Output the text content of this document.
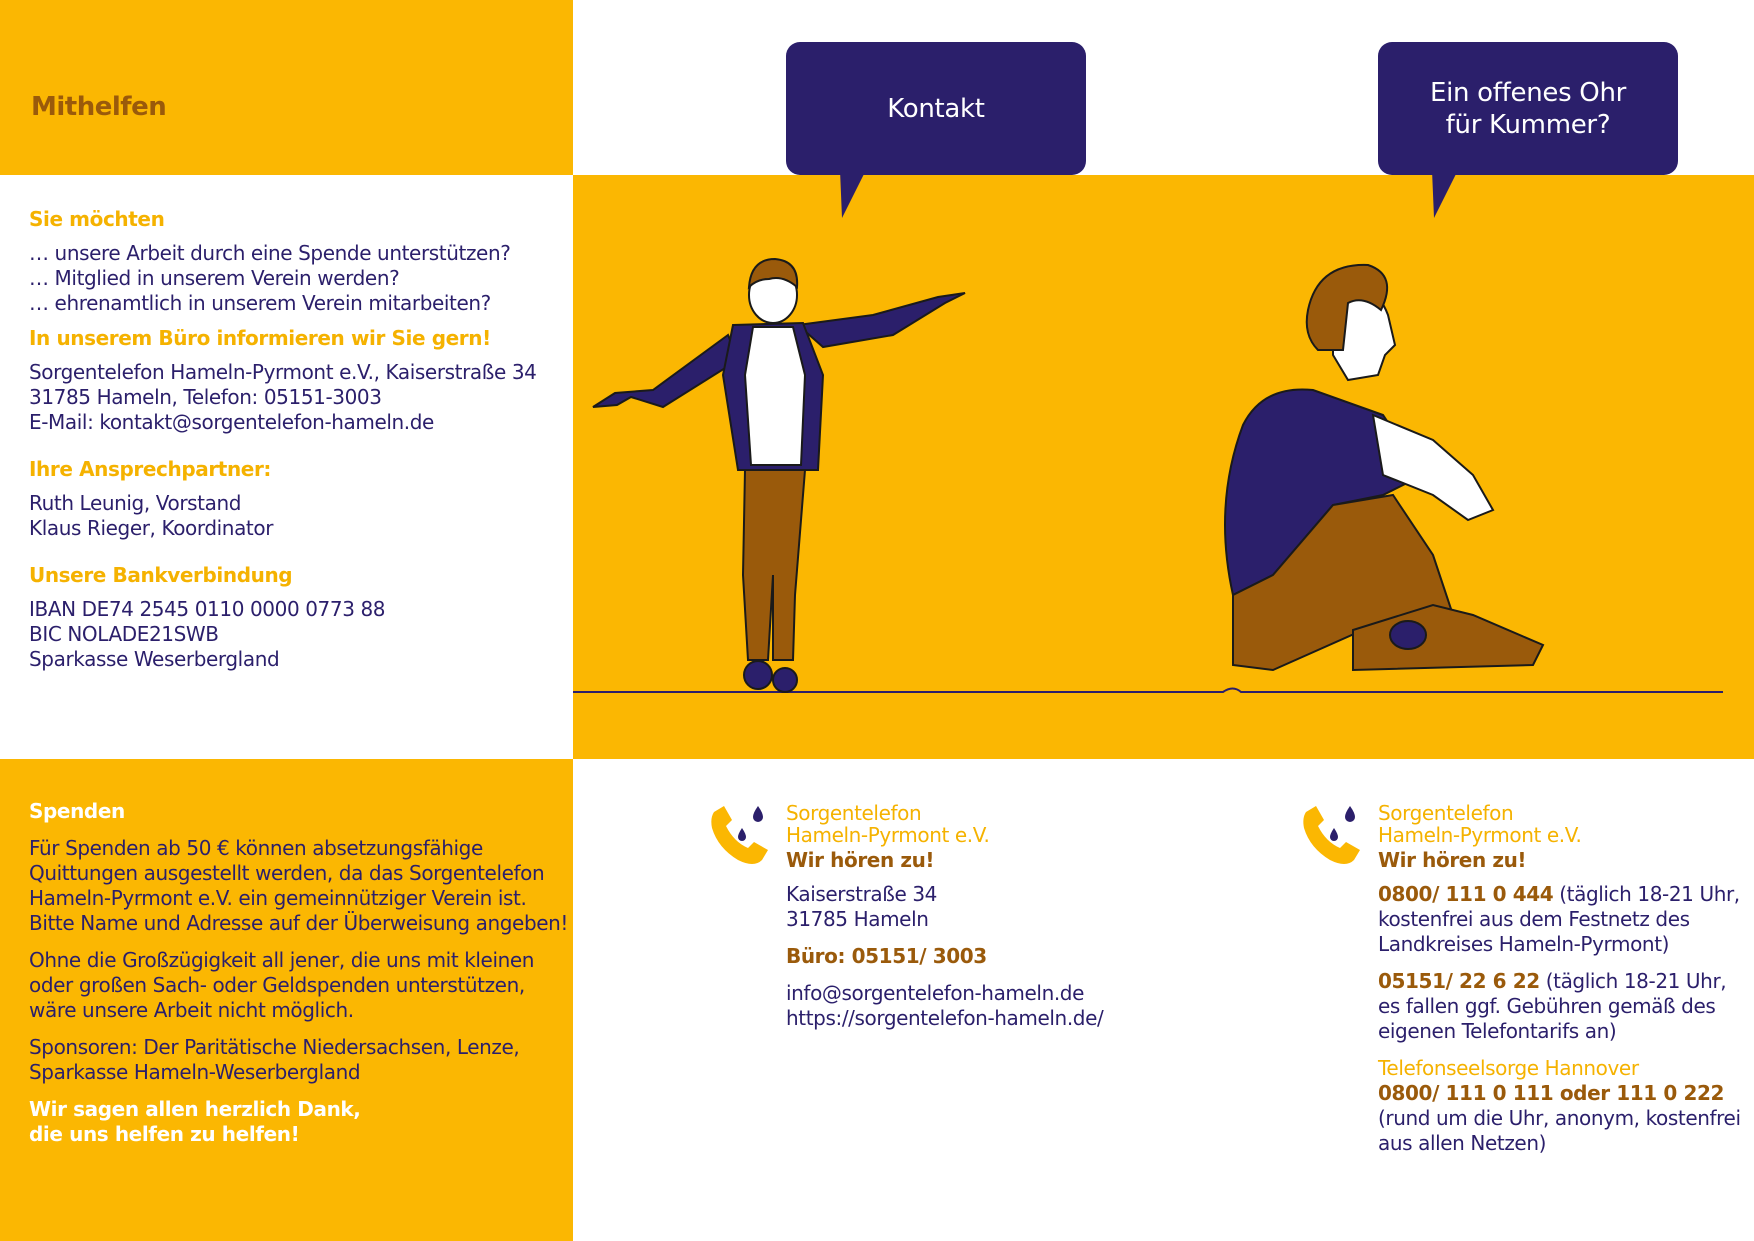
Mithelfen
Sie möchten
… unsere Arbeit durch eine Spende unterstützen?
… Mitglied in unserem Verein werden?
… ehrenamtlich in unserem Verein mitarbeiten?
In unserem Büro informieren wir Sie gern!
Sorgentelefon Hameln-Pyrmont e.V., Kaiserstraße 34
31785 Hameln, Telefon: 05151-3003
E-Mail: kontakt@sorgentelefon-hameln.de
Ihre Ansprechpartner:
Ruth Leunig, Vorstand
Klaus Rieger, Koordinator
Unsere Bankverbindung
IBAN DE74 2545 0110 0000 0773 88
BIC NOLADE21SWB
Sparkasse Weserbergland
Spenden
Für Spenden ab 50 € können absetzungsfähige
Quittungen ausgestellt werden, da das Sorgentelefon
Hameln-Pyrmont e.V. ein gemeinnütziger Verein ist.
Bitte Name und Adresse auf der Überweisung angeben!
Ohne die Großzügigkeit all jener, die uns mit kleinen
oder großen Sach- oder Geldspenden unterstützen,
wäre unsere Arbeit nicht möglich.
Sponsoren: Der Paritätische Niedersachsen, Lenze,
Sparkasse Hameln-Weserbergland
Wir sagen allen herzlich Dank,
die uns helfen zu helfen!
Kontakt
Ein offenes Ohr
für Kummer?
Sorgentelefon
Hameln-Pyrmont e.V.
Wir hören zu!
Kaiserstraße 34
31785 Hameln
Büro: 05151/ 3003
info@sorgentelefon-hameln.de
https://sorgentelefon-hameln.de/
Sorgentelefon
Hameln-Pyrmont e.V.
Wir hören zu!
0800/ 111 0 444 (täglich 18-21 Uhr,
kostenfrei aus dem Festnetz des
Landkreises Hameln-Pyrmont)
05151/ 22 6 22 (täglich 18-21 Uhr,
es fallen ggf. Gebühren gemäß des
eigenen Telefontarifs an)
Telefonseelsorge Hannover
0800/ 111 0 111 oder 111 0 222
(rund um die Uhr, anonym, kostenfrei
aus allen Netzen)
